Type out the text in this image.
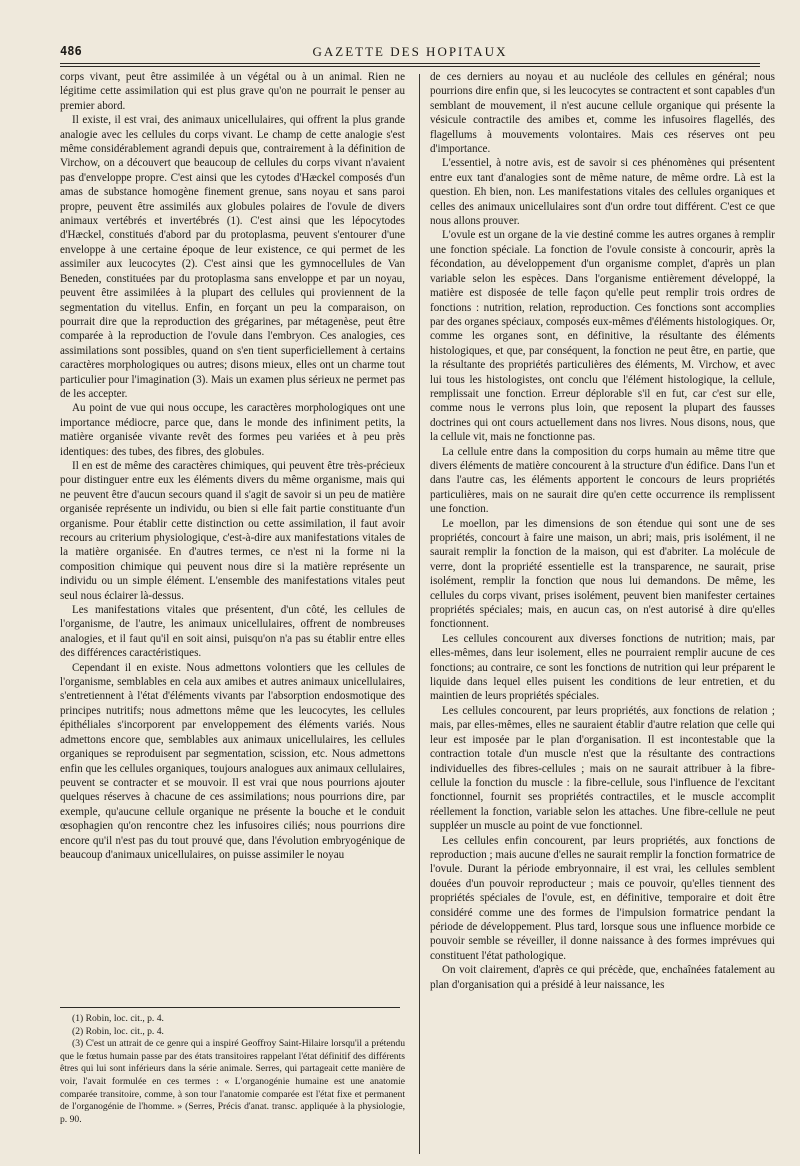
486	GAZETTE DES HOPITAUX

corps vivant, peut être assimilée à un végétal ou à un animal. Rien ne légitime cette assimilation qui est plus grave qu'on ne pourrait le penser au premier abord.

Il existe, il est vrai, des animaux unicellulaires, qui offrent la plus grande analogie avec les cellules du corps vivant. Le champ de cette analogie s'est même considérablement agrandi depuis que, contrairement à la définition de Virchow, on a découvert que beaucoup de cellules du corps vivant n'avaient pas d'enveloppe propre. C'est ainsi que les cytodes d'Hæckel composés d'un amas de substance homogène finement grenue, sans noyau et sans paroi propre, peuvent être assimilés aux globules polaires de l'ovule de divers animaux vertébrés et invertébrés (1). C'est ainsi que les lépocytodes d'Hæckel, constitués d'abord par du protoplasma, peuvent s'entourer d'une enveloppe à une certaine époque de leur existence, ce qui permet de les assimiler aux leucocytes (2). C'est ainsi que les gymnocellules de Van Beneden, constituées par du protoplasma sans enveloppe et par un noyau, peuvent être assimilées à la plupart des cellules qui proviennent de la segmentation du vitellus. Enfin, en forçant un peu la comparaison, on pourrait dire que la reproduction des grégarines, par métagenèse, peut être comparée à la reproduction de l'ovule dans l'embryon. Ces analogies, ces assimilations sont possibles, quand on s'en tient superficiellement à certains caractères morphologiques ou autres; disons mieux, elles ont un charme tout particulier pour l'imagination (3). Mais un examen plus sérieux ne permet pas de les accepter.

Au point de vue qui nous occupe, les caractères morphologiques ont une importance médiocre, parce que, dans le monde des infiniment petits, la matière organisée vivante revêt des formes peu variées et à peu près identiques: des tubes, des fibres, des globules.

Il en est de même des caractères chimiques, qui peuvent être très-précieux pour distinguer entre eux les éléments divers du même organisme, mais qui ne peuvent être d'aucun secours quand il s'agit de savoir si un peu de matière organisée représente un individu, ou bien si elle fait partie constituante d'un organisme. Pour établir cette distinction ou cette assimilation, il faut avoir recours au criterium physiologique, c'est-à-dire aux manifestations vitales de la matière organisée. En d'autres termes, ce n'est ni la forme ni la composition chimique qui peuvent nous dire si la matière représente un individu ou un simple élément. L'ensemble des manifestations vitales peut seul nous éclairer là-dessus.

Les manifestations vitales que présentent, d'un côté, les cellules de l'organisme, de l'autre, les animaux unicellulaires, offrent de nombreuses analogies, et il faut qu'il en soit ainsi, puisqu'on n'a pas su établir entre elles des différences caractéristiques.

Cependant il en existe. Nous admettons volontiers que les cellules de l'organisme, semblables en cela aux amibes et autres animaux unicellulaires, s'entretiennent à l'état d'éléments vivants par l'absorption endosmotique des principes nutritifs; nous admettons même que les leucocytes, les cellules épithéliales s'incorporent par enveloppement des éléments variés. Nous admettons encore que, semblables aux animaux unicellulaires, les cellules organiques se reproduisent par segmentation, scission, etc. Nous admettons enfin que les cellules organiques, toujours analogues aux animaux cellulaires, peuvent se contracter et se mouvoir. Il est vrai que nous pourrions ajouter quelques réserves à chacune de ces assimilations; nous pourrions dire, par exemple, qu'aucune cellule organique ne présente la bouche et le conduit œsophagien qu'on rencontre chez les infusoires ciliés; nous pourrions dire encore qu'il n'est pas du tout prouvé que, dans l'évolution embryogénique de beaucoup d'animaux unicellulaires, on puisse assimiler le noyau

(1) Robin, loc. cit., p. 4.

(2) Robin, loc. cit., p. 4.

(3) C'est un attrait de ce genre qui a inspiré Geoffroy Saint-Hilaire lorsqu'il a prétendu que le fœtus humain passe par des états transitoires rappelant l'état définitif des différents êtres qui lui sont inférieurs dans la série animale. Serres, qui partageait cette manière de voir, l'avait formulée en ces termes : « L'organogénie humaine est une anatomie comparée transitoire, comme, à son tour l'anatomie comparée est l'état fixe et permanent de l'organogénie de l'homme. » (Serres, Précis d'anat. transc. appliquée à la physiologie, p. 90.

de ces derniers au noyau et au nucléole des cellules en général; nous pourrions dire enfin que, si les leucocytes se contractent et sont capables d'un semblant de mouvement, il n'est aucune cellule organique qui présente la vésicule contractile des amibes et, comme les infusoires flagellés, des flagellums à mouvements volontaires. Mais ces réserves ont peu d'importance.

L'essentiel, à notre avis, est de savoir si ces phénomènes qui présentent entre eux tant d'analogies sont de même nature, de même ordre. Là est la question. Eh bien, non. Les manifestations vitales des cellules organiques et celles des animaux unicellulaires sont d'un ordre tout différent. C'est ce que nous allons prouver.

L'ovule est un organe de la vie destiné comme les autres organes à remplir une fonction spéciale. La fonction de l'ovule consiste à concourir, après la fécondation, au développement d'un organisme complet, d'après un plan variable selon les espèces. Dans l'organisme entièrement développé, la matière est disposée de telle façon qu'elle peut remplir trois ordres de fonctions : nutrition, relation, reproduction. Ces fonctions sont accomplies par des organes spéciaux, composés eux-mêmes d'éléments histologiques. Or, comme les organes sont, en définitive, la résultante des éléments histologiques, et que, par conséquent, la fonction ne peut être, en partie, que la résultante des propriétés particulières des éléments, M. Virchow, et avec lui tous les histologistes, ont conclu que l'élément histologique, la cellule, remplissait une fonction. Erreur déplorable s'il en fut, car c'est sur elle, comme nous le verrons plus loin, que reposent la plupart des fausses doctrines qui ont cours actuellement dans nos livres. Nous disons, nous, que la cellule vit, mais ne fonctionne pas.

La cellule entre dans la composition du corps humain au même titre que divers éléments de matière concourent à la structure d'un édifice. Dans l'un et dans l'autre cas, les éléments apportent le concours de leurs propriétés particulières, mais on ne saurait dire qu'en cette occurrence ils remplissent une fonction.

Le moellon, par les dimensions de son étendue qui sont une de ses propriétés, concourt à faire une maison, un abri; mais, pris isolément, il ne saurait remplir la fonction de la maison, qui est d'abriter. La molécule de verre, dont la propriété essentielle est la transparence, ne saurait, prise isolément, remplir la fonction que nous lui demandons. De même, les cellules du corps vivant, prises isolément, peuvent bien manifester certaines propriétés spéciales; mais, en aucun cas, on n'est autorisé à dire qu'elles fonctionnent.

Les cellules concourent aux diverses fonctions de nutrition; mais, par elles-mêmes, dans leur isolement, elles ne pourraient remplir aucune de ces fonctions; au contraire, ce sont les fonctions de nutrition qui leur préparent le liquide dans lequel elles puisent les conditions de leur entretien, et du maintien de leurs propriétés spéciales.

Les cellules concourent, par leurs propriétés, aux fonctions de relation ; mais, par elles-mêmes, elles ne sauraient établir d'autre relation que celle qui leur est imposée par le plan d'organisation. Il est incontestable que la contraction totale d'un muscle n'est que la résultante des contractions individuelles des fibres-cellules ; mais on ne saurait attribuer à la fibre-cellule la fonction du muscle : la fibre-cellule, sous l'influence de l'excitant fonctionnel, fournit ses propriétés contractiles, et le muscle accomplit réellement la fonction, variable selon les attaches. Une fibre-cellule ne peut suppléer un muscle au point de vue fonctionnel.

Les cellules enfin concourent, par leurs propriétés, aux fonctions de reproduction ; mais aucune d'elles ne saurait remplir la fonction formatrice de l'ovule. Durant la période embryonnaire, il est vrai, les cellules semblent douées d'un pouvoir reproducteur ; mais ce pouvoir, qu'elles tiennent des propriétés spéciales de l'ovule, est, en définitive, temporaire et doit être considéré comme une des formes de l'impulsion formatrice pendant la période de développement. Plus tard, lorsque sous une influence morbide ce pouvoir semble se réveiller, il donne naissance à des formes imprévues qui constituent l'état pathologique.

On voit clairement, d'après ce qui précède, que, enchaînées fatalement au plan d'organisation qui a présidé à leur naissance, les
